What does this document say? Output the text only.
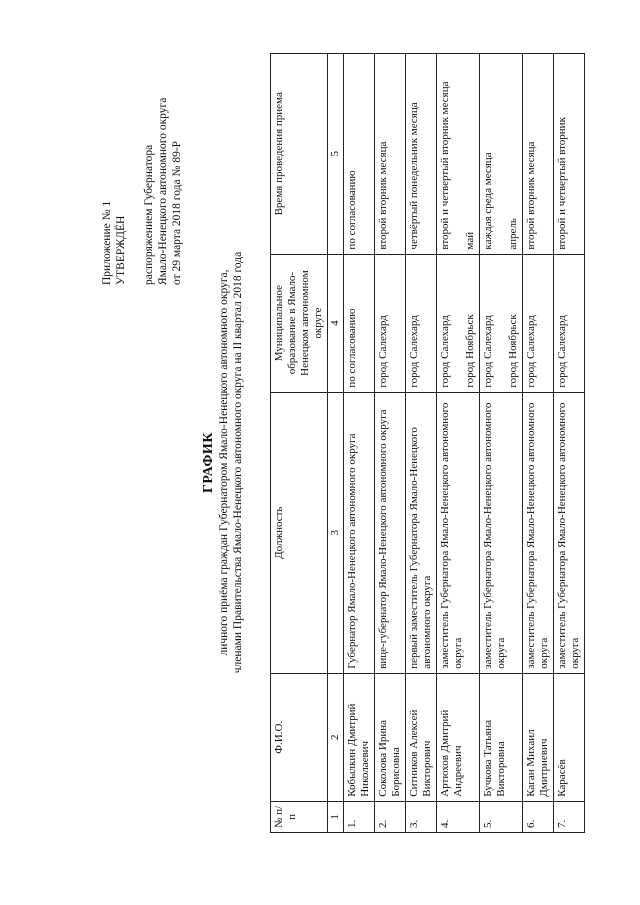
Приложение № 1 УТВЕРЖДЁН распоряжением Губернатора Ямало-Ненецкого автономного округа от 29 марта 2018 года № 89-Р
ГРАФИК личного приёма граждан Губернатором Ямало-Ненецкого автономного округа, членами Правительства Ямало-Ненецкого автономного округа на II квартал 2018 года
№ п/п	Ф.И.О.	Должность	Муниципальное образование в Ямало-Ненецком автономном округе	Время проведения приема
1	2	3	4	5
1.	Кобылкин Дмитрий Николаевич	Губернатор Ямало-Ненецкого автономного округа	по согласованию	по согласованию
2.	Соколова Ирина Борисовна	вице-губернатор Ямало-Ненецкого автономного округа	город Салехард	второй вторник месяца
3.	Ситников Алексей Викторович	первый заместитель Губернатора Ямало-Ненецкого автономного округа	город Салехард	четвёртый понедельник месяца
4.	Артюхов Дмитрий Андреевич	заместитель Губернатора Ямало-Ненецкого автономного округа	город Салехард город Ноябрьск	второй и четвертый вторник месяца май

5.	Бучкова Татьяна Викторовна	заместитель Губернатора Ямало-Ненецкого автономного округа	город Салехард город Ноябрьск	каждая среда месяца апрель

6.	Каган Михаил Дмитриевич	заместитель Губернатора Ямало-Ненецкого автономного округа	город Салехард	второй вторник месяца
7.	Карасёв	заместитель Губернатора Ямало-Ненецкого автономного округа	город Салехард	второй и четвертый вторник
